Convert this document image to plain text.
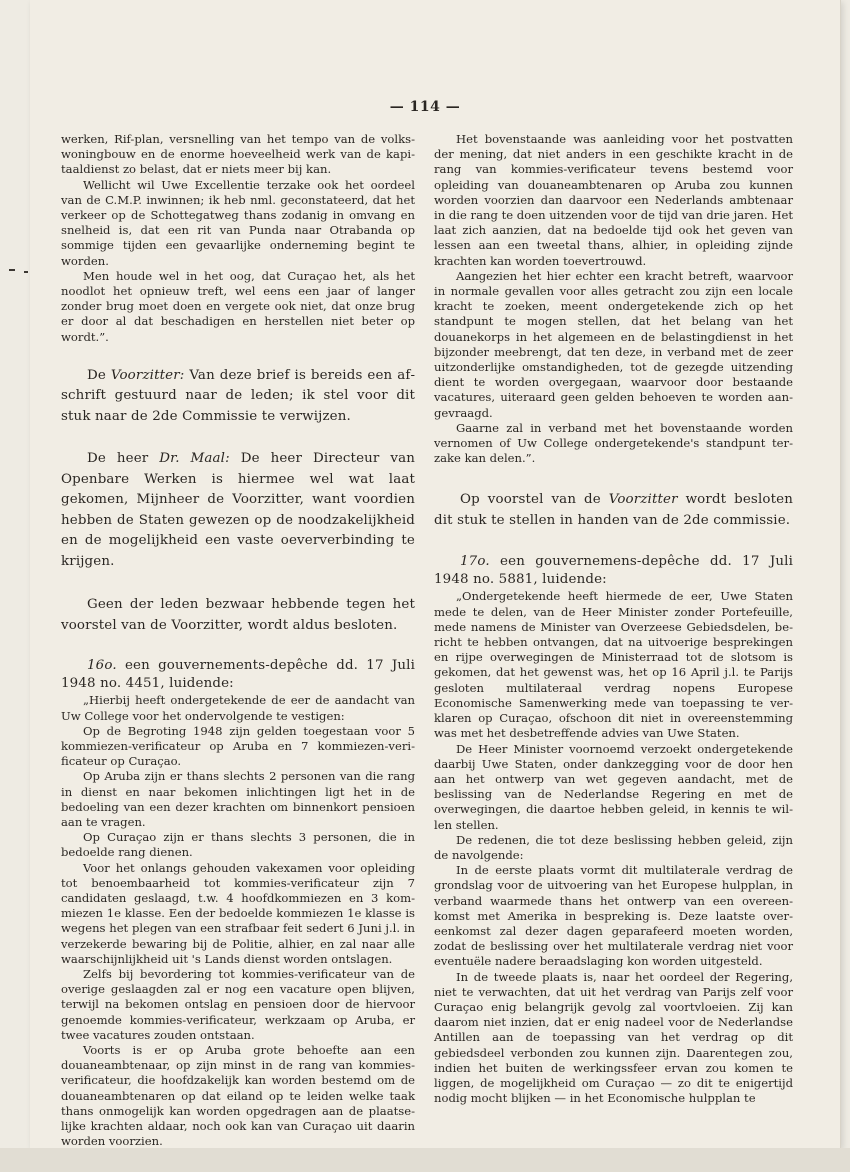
— 114 —

werken, Rif-plan, versnelling van het tempo van de volkswoningbouw en de enorme hoeveelheid werk van de kapitaaldienst zo belast, dat er niets meer bij kan.

Wellicht wil Uwe Excellentie terzake ook het oordeel van de C.M.P. inwinnen; ik heb nml. geconstateerd, dat het verkeer op de Schottegatweg thans zodanig in omvang en snelheid is, dat een rit van Punda naar Otrabanda op sommige tijden een gevaarlijke onderneming begint te worden.

Men houde wel in het oog, dat Curaçao het, als het noodlot het opnieuw treft, wel eens een jaar of langer zonder brug moet doen en vergete ook niet, dat onze brug er door al dat beschadigen en herstellen niet beter op wordt.”.

De Voorzitter: Van deze brief is bereids een afschrift gestuurd naar de leden; ik stel voor dit stuk naar de 2de Commissie te verwijzen.

De heer Dr. Maal: De heer Directeur van Openbare Werken is hiermee wel wat laat gekomen, Mijnheer de Voorzitter, want voordien hebben de Staten gewezen op de noodzakelijkheid en de mogelijkheid een vaste oeververbinding te krijgen.

Geen der leden bezwaar hebbende tegen het voorstel van de Voorzitter, wordt aldus besloten.

16o. een gouvernements-depêche dd. 17 Juli 1948 no. 4451, luidende:

„Hierbij heeft ondergetekende de eer de aandacht van Uw College voor het ondervolgende te vestigen:

Op de Begroting 1948 zijn gelden toegestaan voor 5 kommiezen-verificateur op Aruba en 7 kommiezen-verificateur op Curaçao.

Op Aruba zijn er thans slechts 2 personen van die rang in dienst en naar bekomen inlichtingen ligt het in de bedoeling van een dezer krachten om binnenkort pensioen aan te vragen.

Op Curaçao zijn er thans slechts 3 personen, die in bedoelde rang dienen.

Voor het onlangs gehouden vakexamen voor opleiding tot benoembaarheid tot kommies-verificateur zijn 7 candidaten geslaagd, t.w. 4 hoofdkommiezen en 3 kommiezen 1e klasse. Een der bedoelde kommiezen 1e klasse is wegens het plegen van een strafbaar feit sedert 6 Juni j.l. in verzekerde bewaring bij de Politie, alhier, en zal naar alle waarschijnlijkheid uit 's Lands dienst worden ontslagen.

Zelfs bij bevordering tot kommies-verificateur van de overige geslaagden zal er nog een vacature open blijven, terwijl na bekomen ontslag en pensioen door de hiervoor genoemde kommies-verificateur, werkzaam op Aruba, er twee vacatures zouden ontstaan.

Voorts is er op Aruba grote behoefte aan een douaneambtenaar, op zijn minst in de rang van kommiesverificateur, die hoofdzakelijk kan worden bestemd om de douaneambtenaren op dat eiland op te leiden welke taak thans onmogelijk kan worden opgedragen aan de plaatselijke krachten aldaar, noch ook kan van Curaçao uit daarin worden voorzien.

Het bovenstaande was aanleiding voor het postvatten der mening, dat niet anders in een geschikte kracht in de rang van kommies-verificateur tevens bestemd voor opleiding van douaneambtenaren op Aruba zou kunnen worden voorzien dan daarvoor een Nederlands ambtenaar in die rang te doen uitzenden voor de tijd van drie jaren. Het laat zich aanzien, dat na bedoelde tijd ook het geven van lessen aan een tweetal thans, alhier, in opleiding zijnde krachten kan worden toevertrouwd.

Aangezien het hier echter een kracht betreft, waarvoor in normale gevallen voor alles getracht zou zijn een locale kracht te zoeken, meent ondergetekende zich op het standpunt te mogen stellen, dat het belang van het douanekorps in het algemeen en de belastingdienst in het bijzonder meebrengt, dat ten deze, in verband met de zeer uitzonderlijke omstandigheden, tot de gezegde uitzending dient te worden overgegaan, waarvoor door bestaande vacatures, uiteraard geen gelden behoeven te worden aangevraagd.

Gaarne zal in verband met het bovenstaande worden vernomen of Uw College ondergetekende's standpunt terzake kan delen.”.

Op voorstel van de Voorzitter wordt besloten dit stuk te stellen in handen van de 2de commissie.

17o. een gouvernemens-depêche dd. 17 Juli 1948 no. 5881, luidende:

„Ondergetekende heeft hiermede de eer, Uwe Staten mede te delen, van de Heer Minister zonder Portefeuille, mede namens de Minister van Overzeese Gebiedsdelen, bericht te hebben ontvangen, dat na uitvoerige besprekingen en rijpe overwegingen de Ministerraad tot de slotsom is gekomen, dat het gewenst was, het op 16 April j.l. te Parijs gesloten multilateraal verdrag nopens Europese Economische Samenwerking mede van toepassing te verklaren op Curaçao, ofschoon dit niet in overeenstemming was met het desbetreffende advies van Uwe Staten.

De Heer Minister voornoemd verzoekt ondergetekende daarbij Uwe Staten, onder dankzegging voor de door hen aan het ontwerp van wet gegeven aandacht, met de beslissing van de Nederlandse Regering en met de overwegingen, die daartoe hebben geleid, in kennis te willen stellen.

De redenen, die tot deze beslissing hebben geleid, zijn de navolgende:

In de eerste plaats vormt dit multilaterale verdrag de grondslag voor de uitvoering van het Europese hulpplan, in verband waarmede thans het ontwerp van een overeenkomst met Amerika in bespreking is. Deze laatste overeenkomst zal dezer dagen geparafeerd moeten worden, zodat de beslissing over het multilaterale verdrag niet voor eventuële nadere beraadslaging kon worden uitgesteld.

In de tweede plaats is, naar het oordeel der Regering, niet te verwachten, dat uit het verdrag van Parijs zelf voor Curaçao enig belangrijk gevolg zal voortvloeien. Zij kan daarom niet inzien, dat er enig nadeel voor de Nederlandse Antillen aan de toepassing van het verdrag op dit gebiedsdeel verbonden zou kunnen zijn. Daarentegen zou, indien het buiten de werkingssfeer ervan zou komen te liggen, de mogelijkheid om Curaçao — zo dit te enigertijd nodig mocht blijken — in het Economische hulpplan te
